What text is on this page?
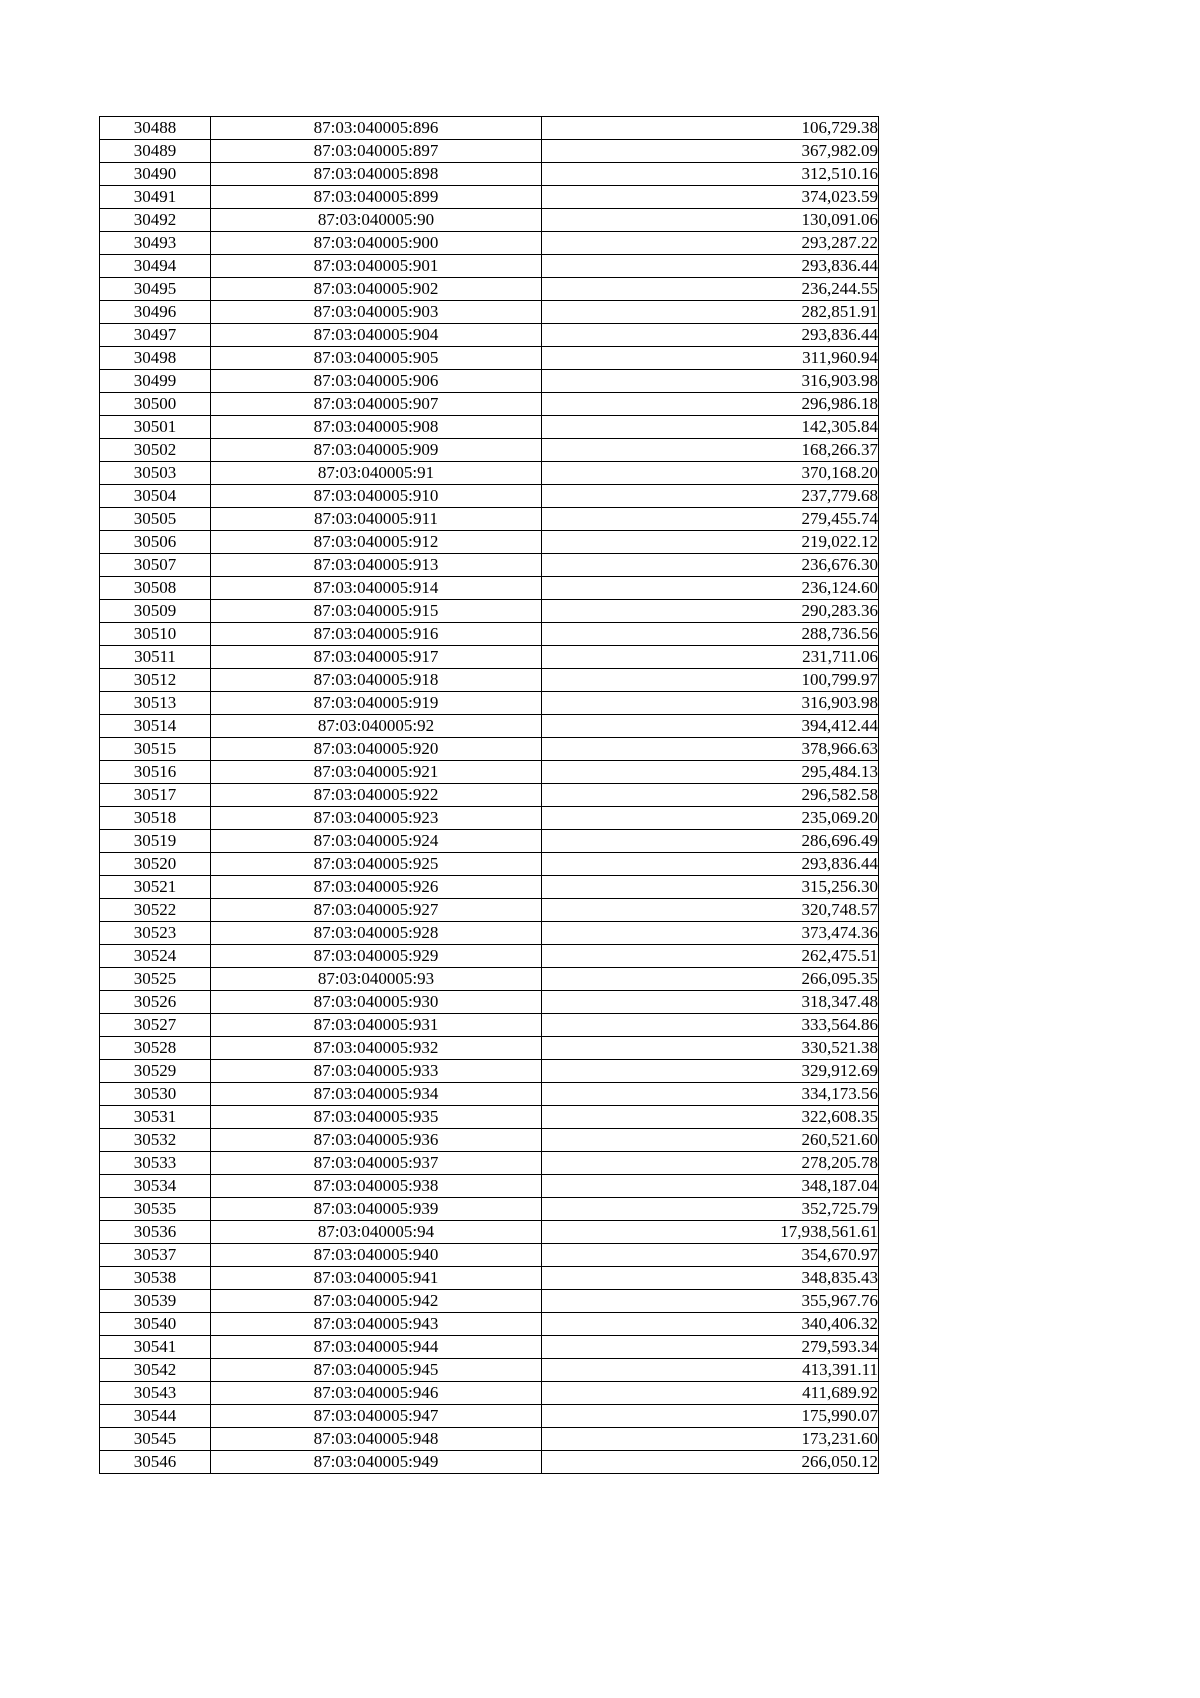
30488	87:03:040005:896	106,729.38
30489	87:03:040005:897	367,982.09
30490	87:03:040005:898	312,510.16
30491	87:03:040005:899	374,023.59
30492	87:03:040005:90	130,091.06
30493	87:03:040005:900	293,287.22
30494	87:03:040005:901	293,836.44
30495	87:03:040005:902	236,244.55
30496	87:03:040005:903	282,851.91
30497	87:03:040005:904	293,836.44
30498	87:03:040005:905	311,960.94
30499	87:03:040005:906	316,903.98
30500	87:03:040005:907	296,986.18
30501	87:03:040005:908	142,305.84
30502	87:03:040005:909	168,266.37
30503	87:03:040005:91	370,168.20
30504	87:03:040005:910	237,779.68
30505	87:03:040005:911	279,455.74
30506	87:03:040005:912	219,022.12
30507	87:03:040005:913	236,676.30
30508	87:03:040005:914	236,124.60
30509	87:03:040005:915	290,283.36
30510	87:03:040005:916	288,736.56
30511	87:03:040005:917	231,711.06
30512	87:03:040005:918	100,799.97
30513	87:03:040005:919	316,903.98
30514	87:03:040005:92	394,412.44
30515	87:03:040005:920	378,966.63
30516	87:03:040005:921	295,484.13
30517	87:03:040005:922	296,582.58
30518	87:03:040005:923	235,069.20
30519	87:03:040005:924	286,696.49
30520	87:03:040005:925	293,836.44
30521	87:03:040005:926	315,256.30
30522	87:03:040005:927	320,748.57
30523	87:03:040005:928	373,474.36
30524	87:03:040005:929	262,475.51
30525	87:03:040005:93	266,095.35
30526	87:03:040005:930	318,347.48
30527	87:03:040005:931	333,564.86
30528	87:03:040005:932	330,521.38
30529	87:03:040005:933	329,912.69
30530	87:03:040005:934	334,173.56
30531	87:03:040005:935	322,608.35
30532	87:03:040005:936	260,521.60
30533	87:03:040005:937	278,205.78
30534	87:03:040005:938	348,187.04
30535	87:03:040005:939	352,725.79
30536	87:03:040005:94	17,938,561.61
30537	87:03:040005:940	354,670.97
30538	87:03:040005:941	348,835.43
30539	87:03:040005:942	355,967.76
30540	87:03:040005:943	340,406.32
30541	87:03:040005:944	279,593.34
30542	87:03:040005:945	413,391.11
30543	87:03:040005:946	411,689.92
30544	87:03:040005:947	175,990.07
30545	87:03:040005:948	173,231.60
30546	87:03:040005:949	266,050.12
